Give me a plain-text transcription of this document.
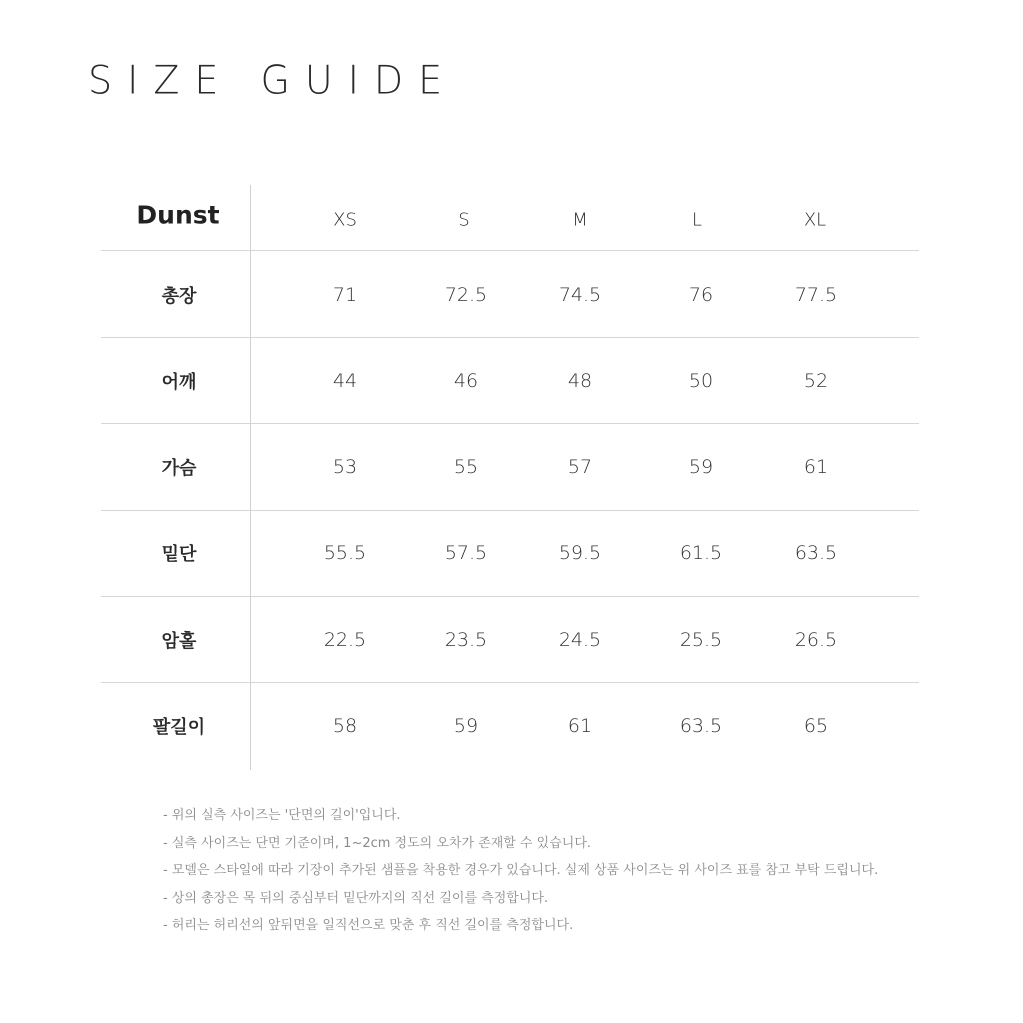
SIZE GUIDE
Dunst	XS	S	M	L	XL
총장	71	72.5	74.5	76	77.5
어깨	44	46	48	50	52
가슴	53	55	57	59	61
밑단	55.5	57.5	59.5	61.5	63.5
암홀	22.5	23.5	24.5	25.5	26.5
팔길이	58	59	61	63.5	65
- 위의 실측 사이즈는 '단면의 길이'입니다.
- 실측 사이즈는 단면 기준이며, 1~2cm 정도의 오차가 존재할 수 있습니다.
- 모델은 스타일에 따라 기장이 추가된 샘플을 착용한 경우가 있습니다. 실제 상품 사이즈는 위 사이즈 표를 참고 부탁 드립니다.
- 상의 총장은 목 뒤의 중심부터 밑단까지의 직선 길이를 측정합니다.
- 허리는 허리선의 앞뒤면을 일직선으로 맞춘 후 직선 길이를 측정합니다.
